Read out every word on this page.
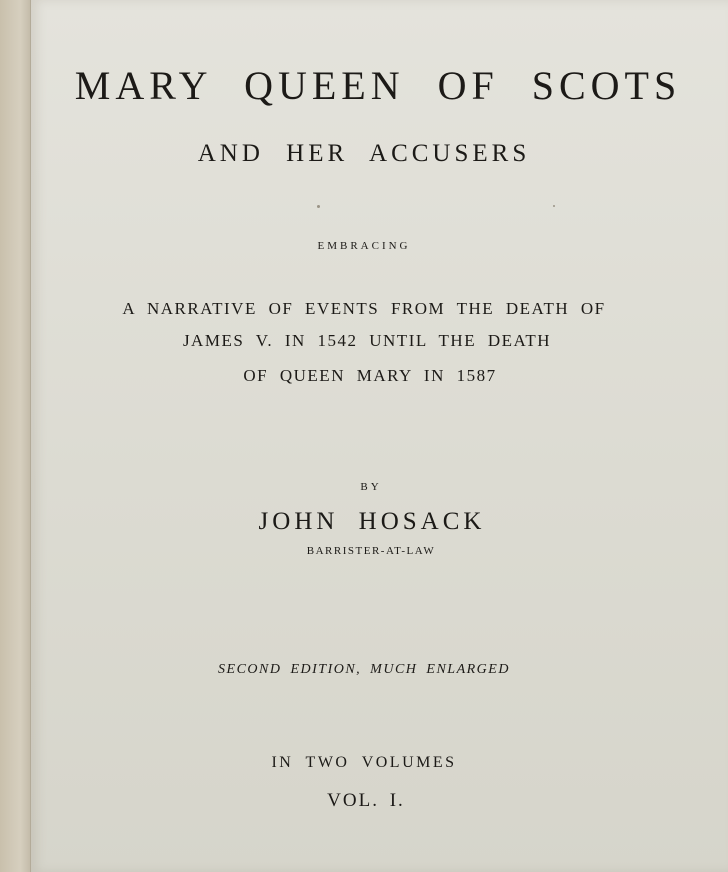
MARY QUEEN OF SCOTS
AND HER ACCUSERS
EMBRACING
A NARRATIVE OF EVENTS FROM THE DEATH OF
JAMES V. IN 1542 UNTIL THE DEATH
OF QUEEN MARY IN 1587
BY
JOHN HOSACK
BARRISTER-AT-LAW
SECOND EDITION, MUCH ENLARGED
IN TWO VOLUMES
VOL. I.
